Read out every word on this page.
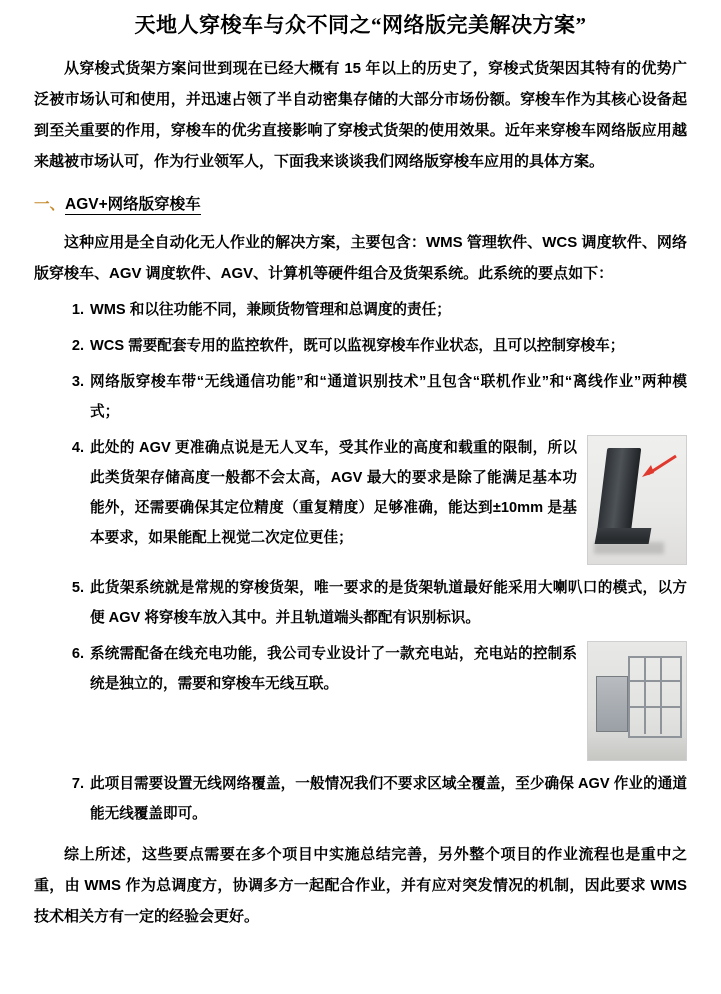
天地人穿梭车与众不同之“网络版完美解决方案”

从穿梭式货架方案问世到现在已经大概有 15 年以上的历史了，穿梭式货架因其特有的优势广泛被市场认可和使用，并迅速占领了半自动密集存储的大部分市场份额。穿梭车作为其核心设备起到至关重要的作用，穿梭车的优劣直接影响了穿梭式货架的使用效果。近年来穿梭车网络版应用越来越被市场认可，作为行业领军人，下面我来谈谈我们网络版穿梭车应用的具体方案。

一、AGV+网络版穿梭车

这种应用是全自动化无人作业的解决方案，主要包含：WMS 管理软件、WCS 调度软件、网络版穿梭车、AGV 调度软件、AGV、计算机等硬件组合及货架系统。此系统的要点如下：

1. WMS 和以往功能不同，兼顾货物管理和总调度的责任；
2. WCS 需要配套专用的监控软件，既可以监视穿梭车作业状态，且可以控制穿梭车；
3. 网络版穿梭车带“无线通信功能”和“通道识别技术”且包含“联机作业”和“离线作业”两种模式；
4. 此处的 AGV 更准确点说是无人叉车，受其作业的高度和载重的限制，所以此类货架存储高度一般都不会太高，AGV 最大的要求是除了能满足基本功能外，还需要确保其定位精度（重复精度）足够准确，能达到±10mm 是基本要求，如果能配上视觉二次定位更佳；
5. 此货架系统就是常规的穿梭货架，唯一要求的是货架轨道最好能采用大喇叭口的模式，以方便 AGV 将穿梭车放入其中。并且轨道端头都配有识别标识。
6. 系统需配备在线充电功能，我公司专业设计了一款充电站，充电站的控制系统是独立的，需要和穿梭车无线互联。
7. 此项目需要设置无线网络覆盖，一般情况我们不要求区域全覆盖，至少确保 AGV 作业的通道能无线覆盖即可。

综上所述，这些要点需要在多个项目中实施总结完善，另外整个项目的作业流程也是重中之重，由 WMS 作为总调度方，协调多方一起配合作业，并有应对突发情况的机制，因此要求 WMS 技术相关方有一定的经验会更好。
